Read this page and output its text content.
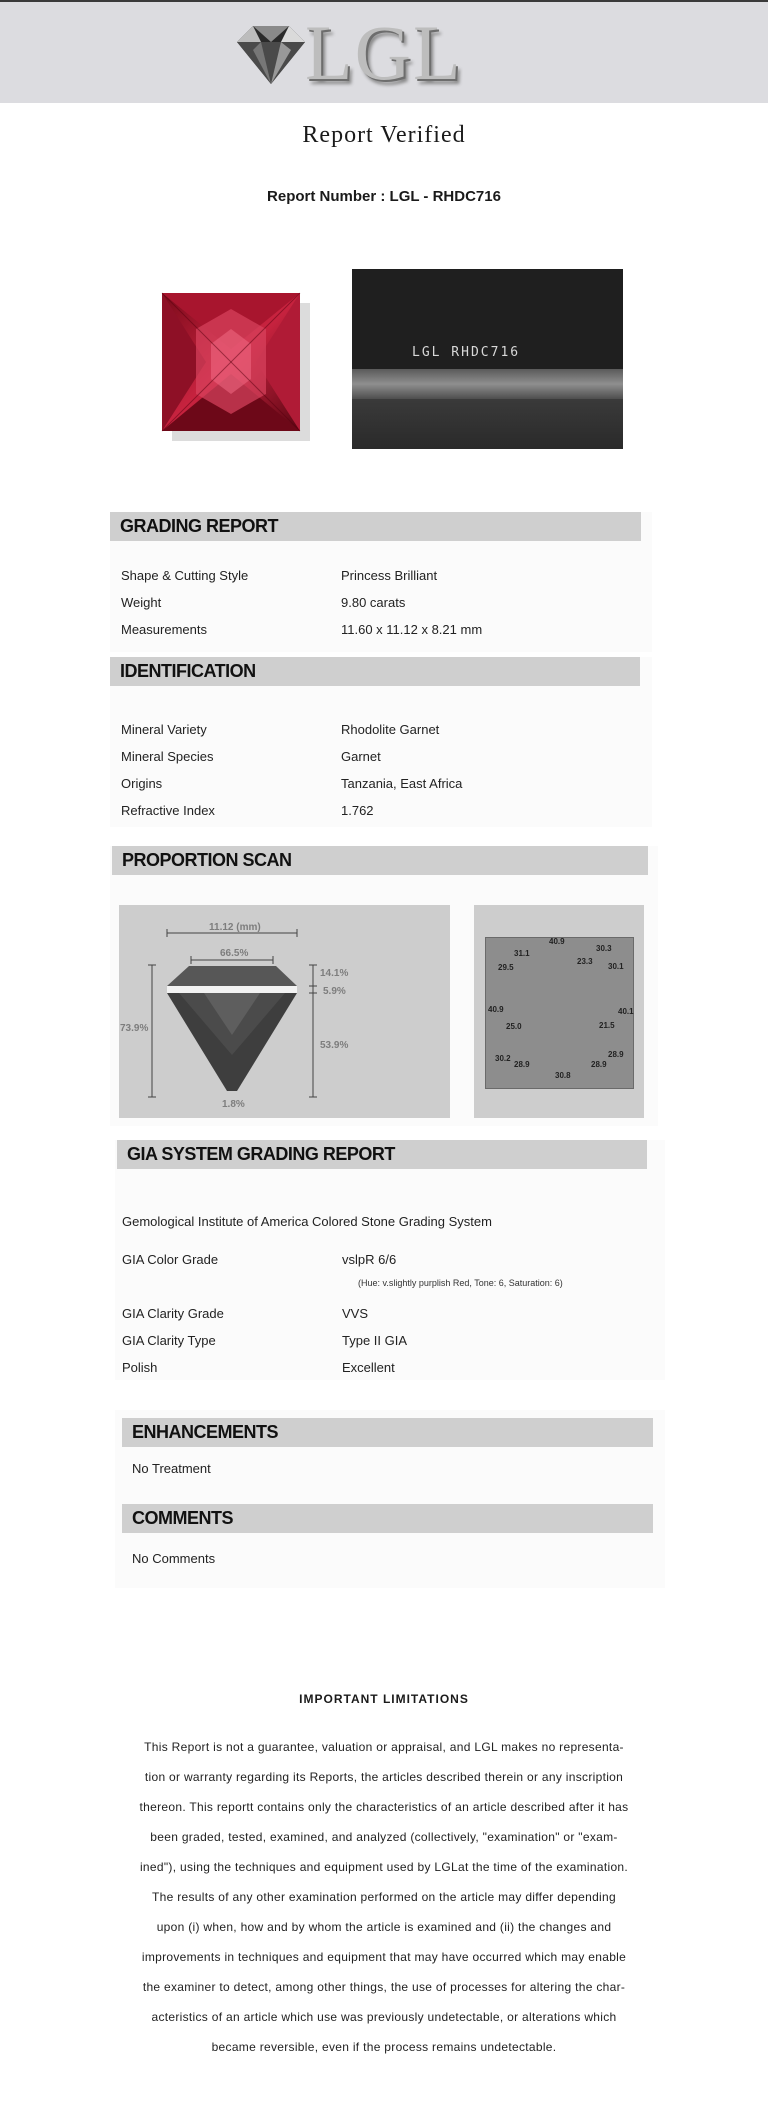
LGL
Report Verified
Report Number : LGL - RHDC716
LGL RHDC716
GRADING REPORT
Shape & Cutting Style	Princess Brilliant
Weight	9.80 carats
Measurements	11.60 x 11.12 x 8.21 mm
IDENTIFICATION
Mineral Variety	Rhodolite Garnet
Mineral Species	Garnet
Origins	Tanzania, East Africa
Refractive Index	1.762
PROPORTION SCAN
11.12 (mm)
66.5%
14.1%
5.9%
73.9%
53.9%
1.8%
40.9
30.3
31.1
23.3
30.1
29.5
40.9	40.1
25.0	21.5
30.2	28.9
28.9	28.9
30.8
GIA SYSTEM GRADING REPORT
Gemological Institute of America Colored Stone Grading System
GIA Color Grade	vslpR 6/6
(Hue: v.slightly purplish Red, Tone: 6, Saturation: 6)
GIA Clarity Grade	VVS
GIA Clarity Type	Type II GIA
Polish	Excellent
ENHANCEMENTS
No Treatment
COMMENTS
No Comments
IMPORTANT LIMITATIONS
This Report is not a guarantee, valuation or appraisal, and LGL makes no representa-
tion or warranty regarding its Reports, the articles described therein or any inscription
thereon. This reportt contains only the characteristics of an article described after it has
been graded, tested, examined, and analyzed (collectively, "examination" or "exam-
ined"), using the techniques and equipment used by LGLat the time of the examination.
The results of any other examination performed on the article may differ depending
upon (i) when, how and by whom the article is examined and (ii) the changes and
improvements in techniques and equipment that may have occurred which may enable
the examiner to detect, among other things, the use of processes for altering the char-
acteristics of an article which use was previously undetectable, or alterations which
became reversible, even if the process remains undetectable.
